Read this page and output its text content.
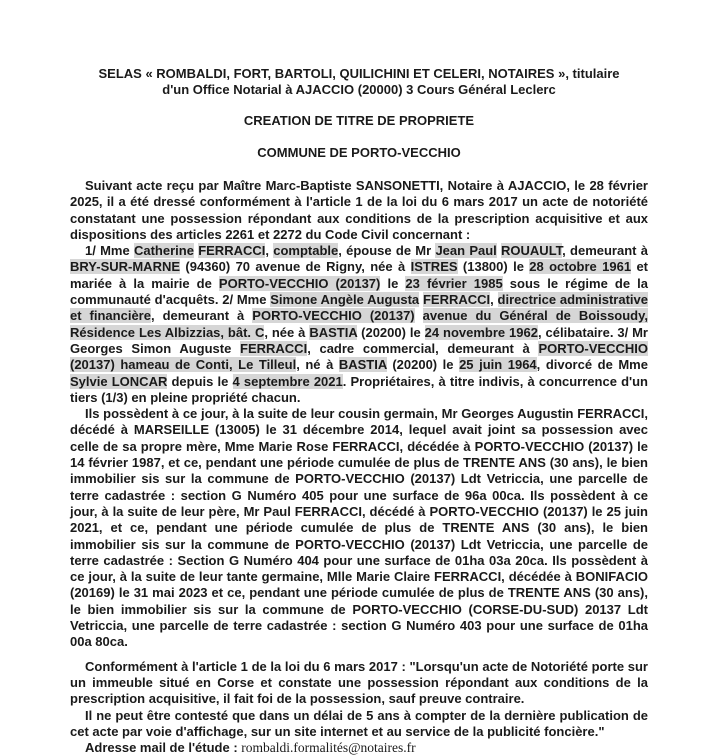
SELAS « ROMBALDI, FORT, BARTOLI, QUILICHINI ET CELERI, NOTAIRES », titulaire
d'un Office Notarial à AJACCIO (20000) 3 Cours Général Leclerc

CREATION DE TITRE DE PROPRIETE

COMMUNE DE PORTO-VECCHIO

Suivant acte reçu par Maître Marc-Baptiste SANSONETTI, Notaire à AJACCIO, le 28 février 2025, il a été dressé conformément à l'article 1 de la loi du 6 mars 2017 un acte de notoriété constatant une possession répondant aux conditions de la prescription acquisitive et aux dispositions des articles 2261 et 2272 du Code Civil concernant :

1/ Mme Catherine FERRACCI, comptable, épouse de Mr Jean Paul ROUAULT, demeurant à BRY-SUR-MARNE (94360) 70 avenue de Rigny, née à ISTRES (13800) le 28 octobre 1961 et mariée à la mairie de PORTO-VECCHIO (20137) le 23 février 1985 sous le régime de la communauté d'acquêts. 2/ Mme Simone Angèle Augusta FERRACCI, directrice administrative et financière, demeurant à PORTO-VECCHIO (20137) avenue du Général de Boissoudy, Résidence Les Albizzias, bât. C, née à BASTIA (20200) le 24 novembre 1962, célibataire. 3/ Mr Georges Simon Auguste FERRACCI, cadre commercial, demeurant à PORTO-VECCHIO (20137) hameau de Conti, Le Tilleul, né à BASTIA (20200) le 25 juin 1964, divorcé de Mme Sylvie LONCAR depuis le 4 septembre 2021. Propriétaires, à titre indivis, à concurrence d'un tiers (1/3) en pleine propriété chacun.

Ils possèdent à ce jour, à la suite de leur cousin germain, Mr Georges Augustin FERRACCI, décédé à MARSEILLE (13005) le 31 décembre 2014, lequel avait joint sa possession avec celle de sa propre mère, Mme Marie Rose FERRACCI, décédée à PORTO-VECCHIO (20137) le 14 février 1987, et ce, pendant une période cumulée de plus de TRENTE ANS (30 ans), le bien immobilier sis sur la commune de PORTO-VECCHIO (20137) Ldt Vetriccia, une parcelle de terre cadastrée : section G Numéro 405 pour une surface de 96a 00ca. Ils possèdent à ce jour, à la suite de leur père, Mr Paul FERRACCI, décédé à PORTO-VECCHIO (20137) le 25 juin 2021, et ce, pendant une période cumulée de plus de TRENTE ANS (30 ans), le bien immobilier sis sur la commune de PORTO-VECCHIO (20137) Ldt Vetriccia, une parcelle de terre cadastrée : Section G Numéro 404 pour une surface de 01ha 03a 20ca. Ils possèdent à ce jour, à la suite de leur tante germaine, Mlle Marie Claire FERRACCI, décédée à BONIFACIO (20169) le 31 mai 2023 et ce, pendant une période cumulée de plus de TRENTE ANS (30 ans), le bien immobilier sis sur la commune de PORTO-VECCHIO (CORSE-DU-SUD) 20137 Ldt Vetriccia, une parcelle de terre cadastrée : section G Numéro 403 pour une surface de 01ha 00a 80ca.

Conformément à l'article 1 de la loi du 6 mars 2017 : "Lorsqu'un acte de Notoriété porte sur un immeuble situé en Corse et constate une possession répondant aux conditions de la prescription acquisitive, il fait foi de la possession, sauf preuve contraire.

Il ne peut être contesté que dans un délai de 5 ans à compter de la dernière publication de cet acte par voie d'affichage, sur un site internet et au service de la publicité foncière."

Adresse mail de l'étude : rombaldi.formalités@notaires.fr
